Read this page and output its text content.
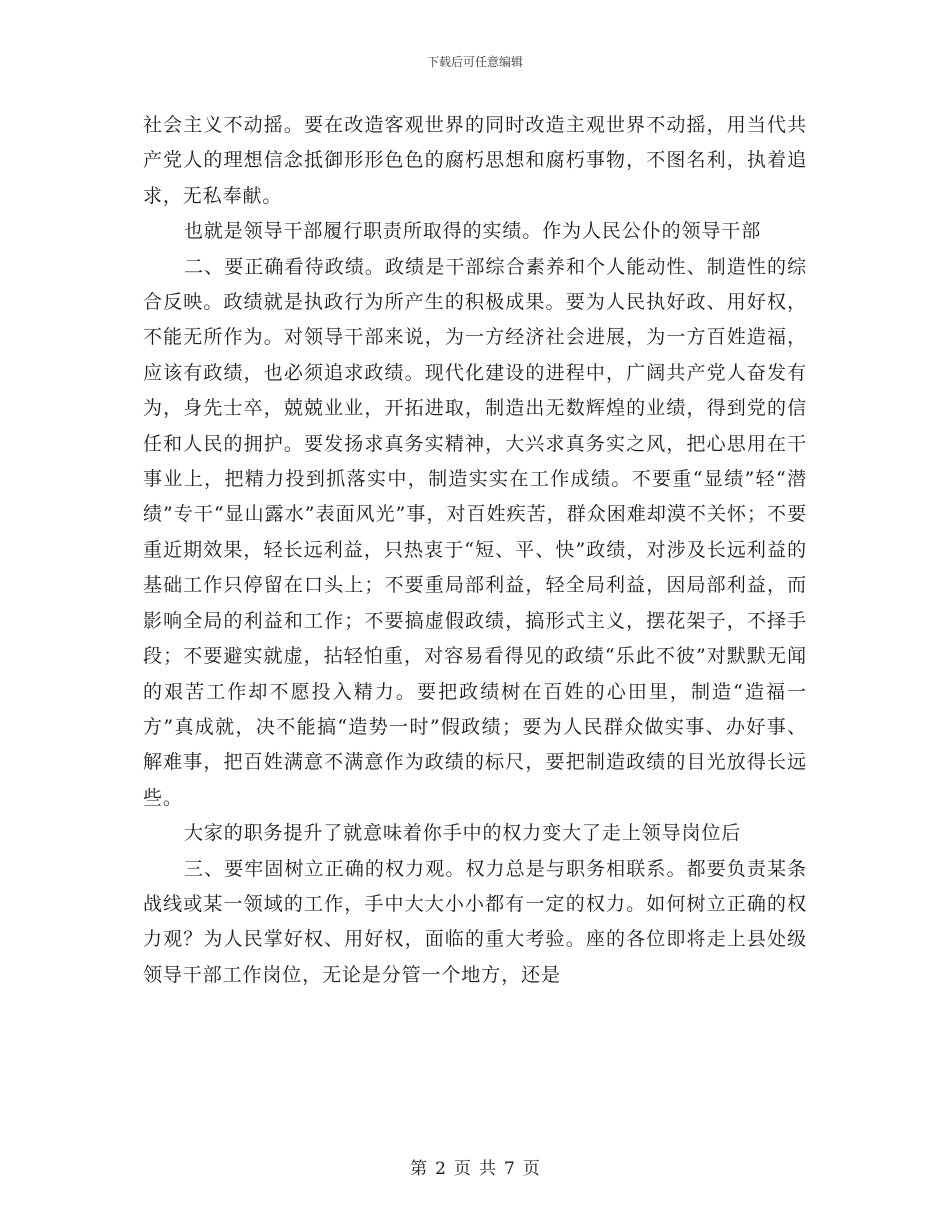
下载后可任意编辑

社会主义不动摇。要在改造客观世界的同时改造主观世界不动摇，用当代共产党人的理想信念抵御形形色色的腐朽思想和腐朽事物，不图名利，执着追求，无私奉献。

也就是领导干部履行职责所取得的实绩。作为人民公仆的领导干部

二、要正确看待政绩。政绩是干部综合素养和个人能动性、制造性的综合反映。政绩就是执政行为所产生的积极成果。要为人民执好政、用好权，不能无所作为。对领导干部来说，为一方经济社会进展，为一方百姓造福，应该有政绩，也必须追求政绩。现代化建设的进程中，广阔共产党人奋发有为，身先士卒，兢兢业业，开拓进取，制造出无数辉煌的业绩，得到党的信任和人民的拥护。要发扬求真务实精神，大兴求真务实之风，把心思用在干事业上，把精力投到抓落实中，制造实实在工作成绩。不要重“显绩”轻“潜绩”专干“显山露水”表面风光”事，对百姓疾苦，群众困难却漠不关怀；不要重近期效果，轻长远利益，只热衷于“短、平、快”政绩，对涉及长远利益的基础工作只停留在口头上；不要重局部利益，轻全局利益，因局部利益，而影响全局的利益和工作；不要搞虚假政绩，搞形式主义，摆花架子，不择手段；不要避实就虚，拈轻怕重，对容易看得见的政绩“乐此不彼”对默默无闻的艰苦工作却不愿投入精力。要把政绩树在百姓的心田里，制造“造福一方”真成就，决不能搞“造势一时”假政绩；要为人民群众做实事、办好事、解难事，把百姓满意不满意作为政绩的标尺，要把制造政绩的目光放得长远些。

大家的职务提升了就意味着你手中的权力变大了走上领导岗位后

三、要牢固树立正确的权力观。权力总是与职务相联系。都要负责某条战线或某一领域的工作，手中大大小小都有一定的权力。如何树立正确的权力观？为人民掌好权、用好权，面临的重大考验。座的各位即将走上县处级领导干部工作岗位，无论是分管一个地方，还是

第 2 页 共 7 页
